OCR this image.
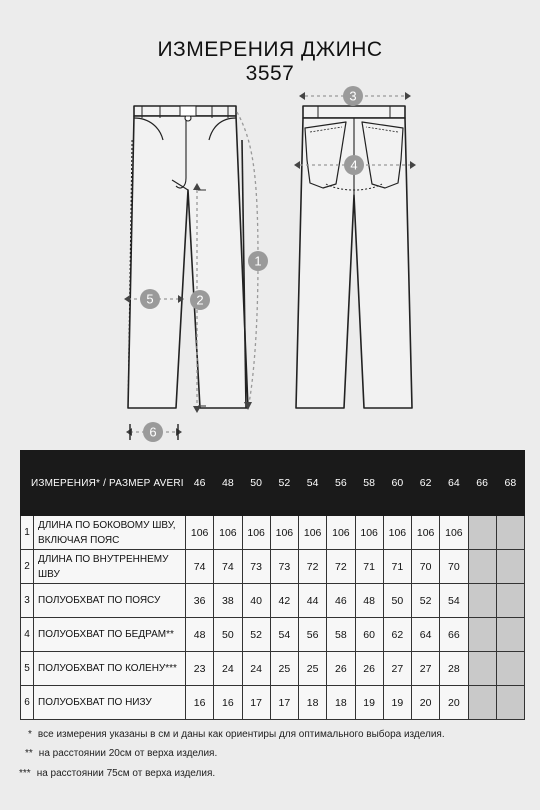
ИЗМЕРЕНИЯ ДЖИНС
3557
1
2
3
4
5
6
ИЗМЕРЕНИЯ* / РАЗМЕР AVERI		46	48	50	52	54	56	58	60	62	64	66	68
1	ДЛИНА ПО БОКОВОМУ ШВУ, ВКЛЮЧАЯ ПОЯС	106	106	106	106	106	106	106	106	106	106		
2	ДЛИНА ПО ВНУТРЕННЕМУ ШВУ	74	74	73	73	72	72	71	71	70	70		
3	ПОЛУОБХВАТ ПО ПОЯСУ	36	38	40	42	44	46	48	50	52	54		
4	ПОЛУОБХВАТ ПО БЕДРАМ**	48	50	52	54	56	58	60	62	64	66		
5	ПОЛУОБХВАТ ПО КОЛЕНУ***	23	24	24	25	25	26	26	27	27	28		
6	ПОЛУОБХВАТ ПО НИЗУ	16	16	17	17	18	18	19	19	20	20		
* все измерения указаны в см и даны как ориентиры для оптимального выбора изделия.
** на расстоянии 20см от верха изделия.
*** на расстоянии 75см от верха изделия.
